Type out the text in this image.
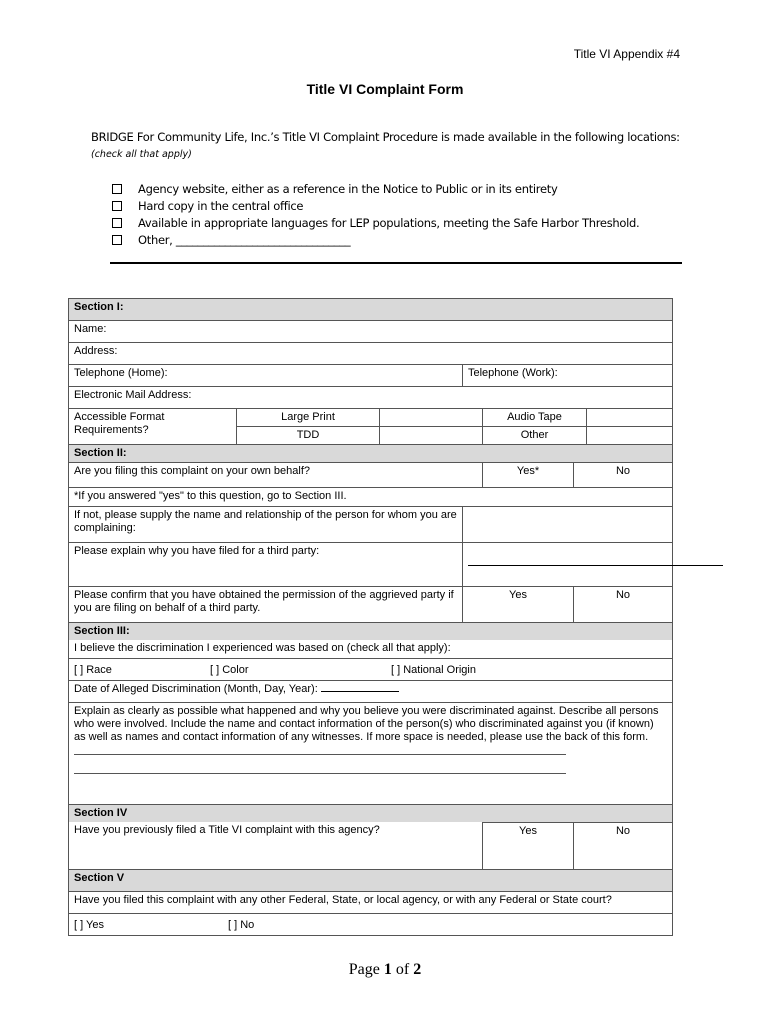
Title VI Appendix #4
Title VI Complaint Form
BRIDGE For Community Life, Inc.’s Title VI Complaint Procedure is made available in the following locations:
(check all that apply)
Agency website, either as a reference in the Notice to Public or in its entirety
Hard copy in the central office
Available in appropriate languages for LEP populations, meeting the Safe Harbor Threshold.
Other, ________________________________
Section I:						
Name:						
Address:						
Telephone (Home):			Telephone (Work):			
Electronic Mail Address:						
Accessible Format Requirements?	Large Print			Audio Tape		
	TDD			Other		
Section II:						
Are you filing this complaint on your own behalf?				Yes*	No	
*If you answered "yes" to this question, go to Section III.						
If not, please supply the name and relationship of the person for whom you are complaining:						
Please explain why you have filed for a third party:						
Please confirm that you have obtained the permission of the aggrieved party if you are filing on behalf of a third party.			Yes		No	
Section III:						
I believe the discrimination I experienced was based on (check all that apply):						

[ ] Race [ ] Color [ ] National Origin						

Date of Alleged Discrimination (Month, Day, Year):						

Explain as clearly as possible what happened and why you believe you were discriminated against. Describe all persons who were involved. Include the name and contact information of the person(s) who discriminated against you (if known) as well as names and contact information of any witnesses. If more space is needed, please use the back of this form.						

Section IV						
Have you previously filed a Title VI complaint with this agency?				Yes	No	
Section V						
Have you filed this complaint with any other Federal, State, or local agency, or with any Federal or State court?						

[ ] Yes [ ] No						
Page 1 of 2
